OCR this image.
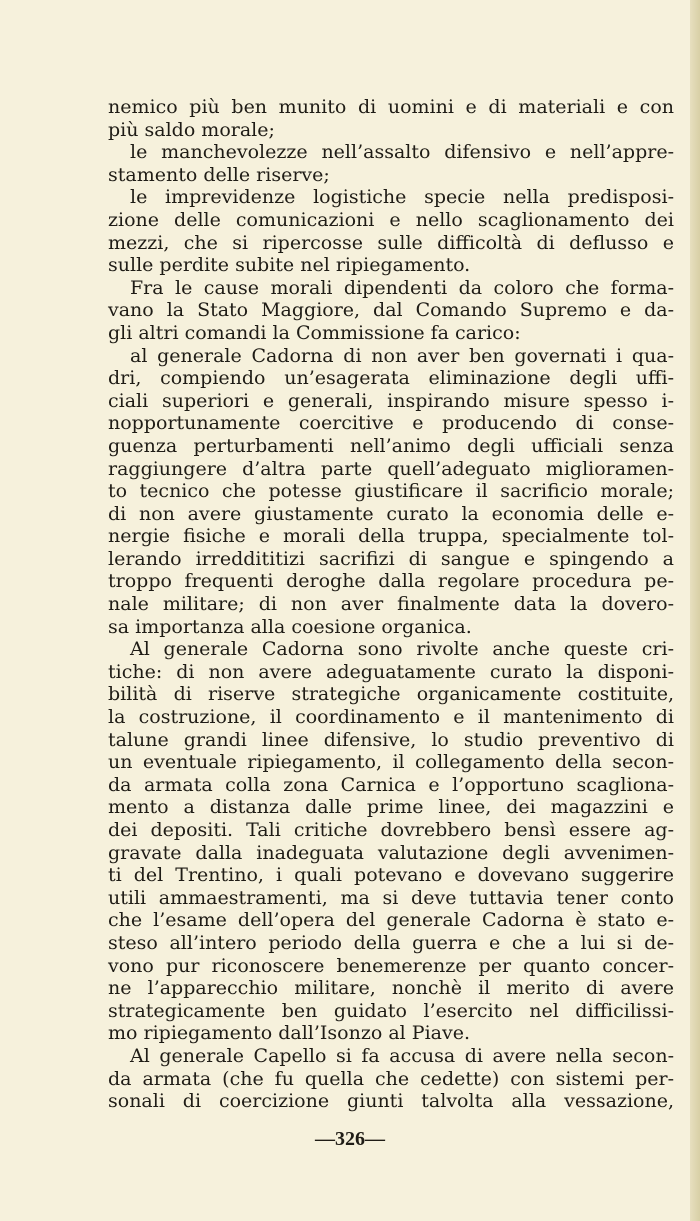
nemico più ben munito di uomini e di materiali e con
più saldo morale;
le manchevolezze nell’assalto difensivo e nell’appre-
stamento delle riserve;
le imprevidenze logistiche specie nella predisposi-
zione delle comunicazioni e nello scaglionamento dei
mezzi, che si ripercosse sulle difficoltà di deflusso e
sulle perdite subite nel ripiegamento.
Fra le cause morali dipendenti da coloro che forma-
vano la Stato Maggiore, dal Comando Supremo e da-
gli altri comandi la Commissione fa carico:
al generale Cadorna di non aver ben governati i qua-
dri, compiendo un’esagerata eliminazione degli uffi-
ciali superiori e generali, inspirando misure spesso i-
nopportunamente coercitive e producendo di conse-
guenza perturbamenti nell’animo degli ufficiali senza
raggiungere d’altra parte quell’adeguato miglioramen-
to tecnico che potesse giustificare il sacrificio morale;
di non avere giustamente curato la economia delle e-
nergie fisiche e morali della truppa, specialmente tol-
lerando irreddititizi sacrifizi di sangue e spingendo a
troppo frequenti deroghe dalla regolare procedura pe-
nale militare; di non aver finalmente data la dovero-
sa importanza alla coesione organica.
Al generale Cadorna sono rivolte anche queste cri-
tiche: di non avere adeguatamente curato la disponi-
bilità di riserve strategiche organicamente costituite,
la costruzione, il coordinamento e il mantenimento di
talune grandi linee difensive, lo studio preventivo di
un eventuale ripiegamento, il collegamento della secon-
da armata colla zona Carnica e l’opportuno scagliona-
mento a distanza dalle prime linee, dei magazzini e
dei depositi. Tali critiche dovrebbero bensì essere ag-
gravate dalla inadeguata valutazione degli avvenimen-
ti del Trentino, i quali potevano e dovevano suggerire
utili ammaestramenti, ma si deve tuttavia tener conto
che l’esame dell’opera del generale Cadorna è stato e-
steso all’intero periodo della guerra e che a lui si de-
vono pur riconoscere benemerenze per quanto concer-
ne l’apparecchio militare, nonchè il merito di avere
strategicamente ben guidato l’esercito nel difficilissi-
mo ripiegamento dall’Isonzo al Piave.
Al generale Capello si fa accusa di avere nella secon-
da armata (che fu quella che cedette) con sistemi per-
sonali di coercizione giunti talvolta alla vessazione,
—326—
